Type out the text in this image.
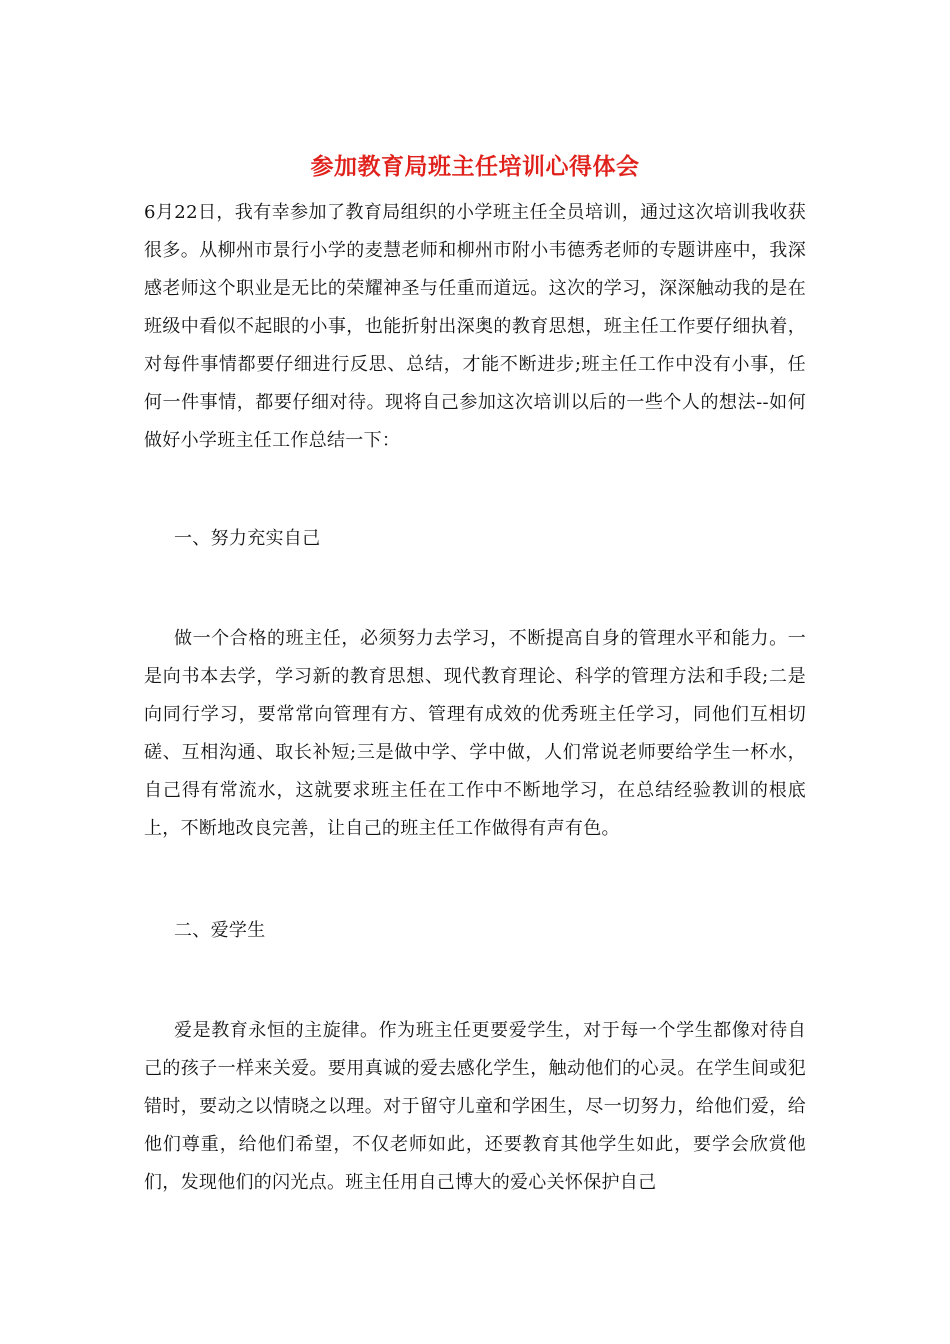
参加教育局班主任培训心得体会

6月22日，我有幸参加了教育局组织的小学班主任全员培训，通过这次培训我收获很多。从柳州市景行小学的麦慧老师和柳州市附小韦德秀老师的专题讲座中，我深感老师这个职业是无比的荣耀神圣与任重而道远。这次的学习，深深触动我的是在班级中看似不起眼的小事，也能折射出深奥的教育思想，班主任工作要仔细执着，对每件事情都要仔细进行反思、总结，才能不断进步;班主任工作中没有小事，任何一件事情，都要仔细对待。现将自己参加这次培训以后的一些个人的想法--如何做好小学班主任工作总结一下：

一、努力充实自己

做一个合格的班主任，必须努力去学习，不断提高自身的管理水平和能力。一是向书本去学，学习新的教育思想、现代教育理论、科学的管理方法和手段;二是向同行学习，要常常向管理有方、管理有成效的优秀班主任学习，同他们互相切磋、互相沟通、取长补短;三是做中学、学中做，人们常说老师要给学生一杯水，自己得有常流水，这就要求班主任在工作中不断地学习，在总结经验教训的根底上，不断地改良完善，让自己的班主任工作做得有声有色。

二、爱学生

爱是教育永恒的主旋律。作为班主任更要爱学生，对于每一个学生都像对待自己的孩子一样来关爱。要用真诚的爱去感化学生，触动他们的心灵。在学生间或犯错时，要动之以情晓之以理。对于留守儿童和学困生，尽一切努力，给他们爱，给他们尊重，给他们希望，不仅老师如此，还要教育其他学生如此，要学会欣赏他们，发现他们的闪光点。班主任用自己博大的爱心关怀保护自己
